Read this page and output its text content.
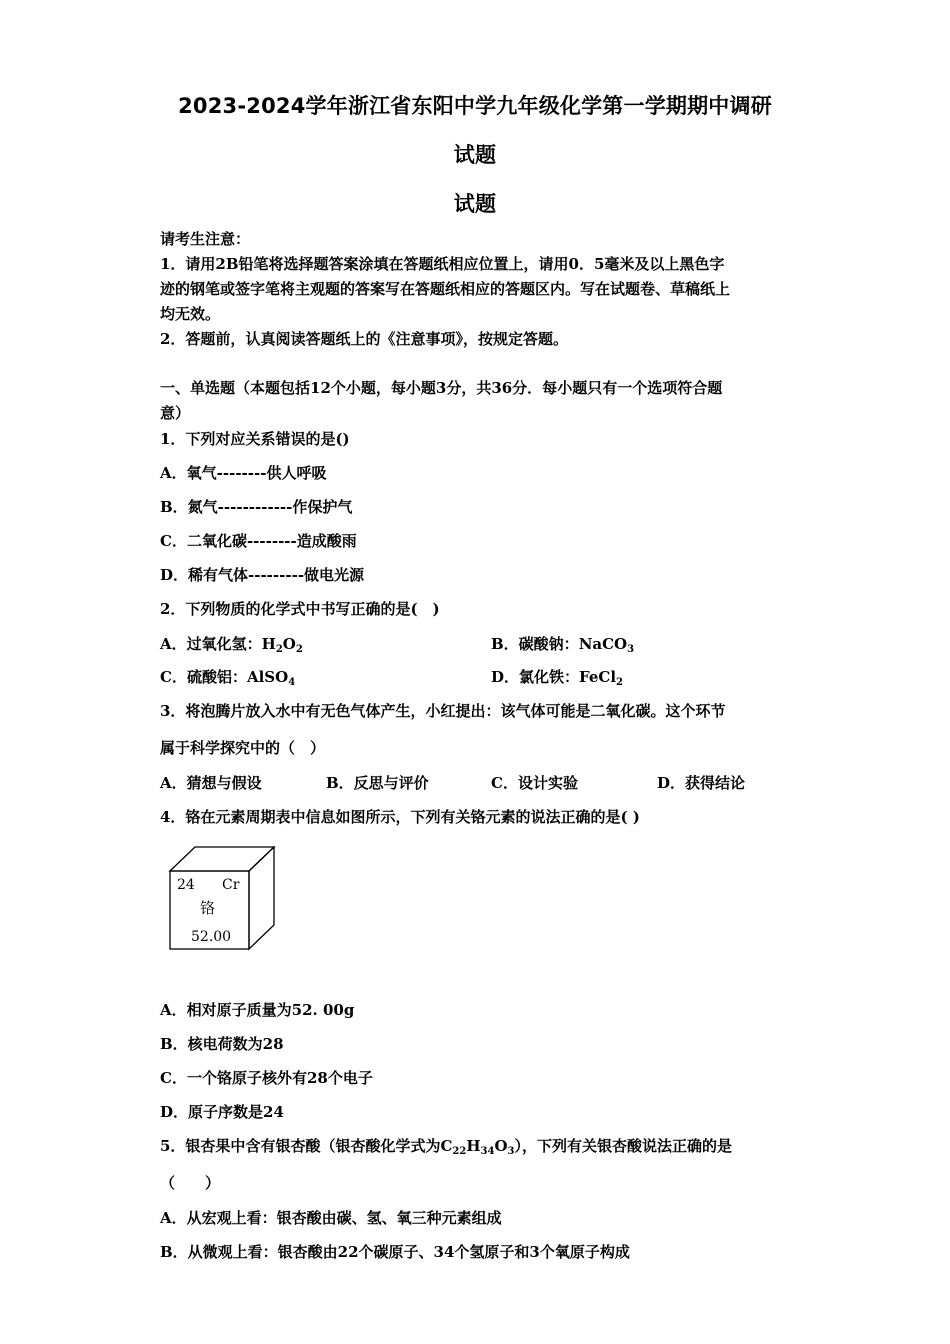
2023-2024学年浙江省东阳中学九年级化学第一学期期中调研
试题
试题
请考生注意：
1．请用2B铅笔将选择题答案涂填在答题纸相应位置上，请用0．5毫米及以上黑色字
迹的钢笔或签字笔将主观题的答案写在答题纸相应的答题区内。写在试题卷、草稿纸上
均无效。
2．答题前，认真阅读答题纸上的《注意事项》，按规定答题。
一、单选题（本题包括12个小题，每小题3分，共36分．每小题只有一个选项符合题
意）
1．下列对应关系错误的是()
A．氧气--------供人呼吸
B．氮气------------作保护气
C．二氧化碳--------造成酸雨
D．稀有气体---------做电光源
2．下列物质的化学式中书写正确的是(　)
A．过氧化氢：$H_2O_2$	B．碳酸钠：NaCO$_3$
C．硫酸铝：AlSO$_4$	D．氯化铁：FeCl$_2$
3．将泡腾片放入水中有无色气体产生，小红提出：该气体可能是二氧化碳。这个环节
属于科学探究中的（　）
A．猜想与假设	B．反思与评价	C．设计实验	D．获得结论
4．铬在元素周期表中信息如图所示，下列有关铬元素的说法正确的是( )
24 Cr
铬
52.00
A．相对原子质量为52. 00g
B．核电荷数为28
C．一个铬原子核外有28个电子
D．原子序数是24
5．银杏果中含有银杏酸（银杏酸化学式为$C_{22}H_{34}O_3$），下列有关银杏酸说法正确的是
（　　）
A．从宏观上看：银杏酸由碳、氢、氧三种元素组成
B．从微观上看：银杏酸由22个碳原子、34个氢原子和3个氧原子构成
